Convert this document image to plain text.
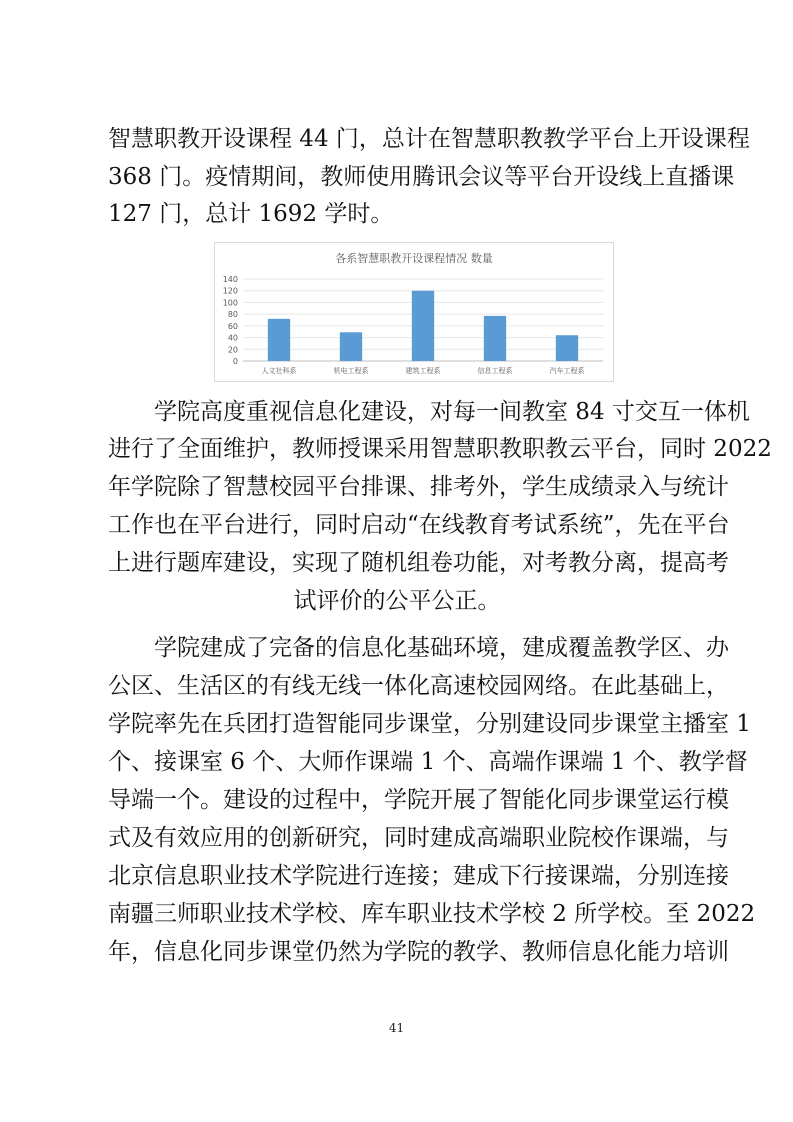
智慧职教开设课程 44 门，总计在智慧职教教学平台上开设课程
368 门。疫情期间，教师使用腾讯会议等平台开设线上直播课
127 门，总计 1692 学时。
各系智慧职教开设课程情况 数量
0
20
40
60
80
100
120
140
人文社科系	机电工程系	建筑工程系	信息工程系	汽车工程系
学院高度重视信息化建设，对每一间教室 84 寸交互一体机
进行了全面维护，教师授课采用智慧职教职教云平台，同时 2022
年学院除了智慧校园平台排课、排考外，学生成绩录入与统计
工作也在平台进行，同时启动“在线教育考试系统”，先在平台
上进行题库建设，实现了随机组卷功能，对考教分离，提高考
试评价的公平公正。
学院建成了完备的信息化基础环境，建成覆盖教学区、办
公区、生活区的有线无线一体化高速校园网络。在此基础上，
学院率先在兵团打造智能同步课堂，分别建设同步课堂主播室 1
个、接课室 6 个、大师作课端 1 个、高端作课端 1 个、教学督
导端一个。建设的过程中，学院开展了智能化同步课堂运行模
式及有效应用的创新研究，同时建成高端职业院校作课端，与
北京信息职业技术学院进行连接；建成下行接课端，分别连接
南疆三师职业技术学校、库车职业技术学校 2 所学校。至 2022
年，信息化同步课堂仍然为学院的教学、教师信息化能力培训
41
